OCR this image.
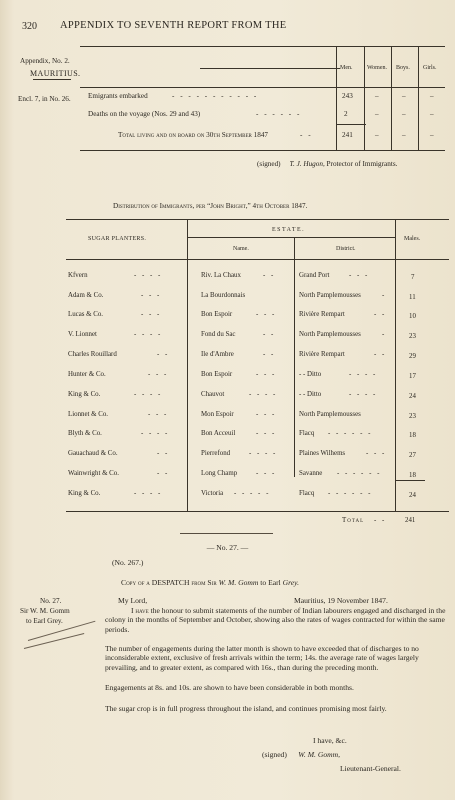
320 APPENDIX TO SEVENTH REPORT FROM THE
Appendix, No. 2.
MAURITIUS.
Encl. 7, in No. 26.
Men. Women. Boys. Girls.
Emigrants embarked	- - - - - - - - - - -	243	–	–	–
Deaths on the voyage (Nos. 29 and 43)	- - - - - -	2	–	–	–
Total living and on board on 30th September 1847	- -	241	–	–	–
(signed) T. J. Hugon, Protector of Immigrants.
Distribution of Immigrants, per “John Bright,” 4th October 1847.
SUGAR PLANTERS.
ESTATE.
Name.	District.
Males.
Kfvern	- - - -	Riv. La Chaux	- -	Grand Port	- - -	7
Adam & Co.	- - -	La Bourdonnais	North Pamplemousses	-	11
Lucas & Co.	- - -	Bon Espoir	- - -	Rivière Rempart	- -	10
V. Lionnet	- - - -	Fond du Sac	- -	North Pamplemousses	-	23
Charles Rouillard	- -	Ile d'Ambre	- -	Rivière Rempart	- -	29
Hunter & Co.	- - -	Bon Espoir	- - -	- - Ditto	- - - -	17
King & Co.	- - - -	Chauvot	- - - -	- - Ditto	- - - -	24
Lionnet & Co.	- - -	Mon Espoir	- - -	North Pamplemousses	23
Blyth & Co.	- - - -	Bon Acceuil	- - -	Flacq - - - - - -	18
Gauachaud & Co.	- -	Pierrefond	- - - -	Plaines Wilhems	- - -	27
Wainwright & Co.	- -	Long Champ	- - -	Savanne - - - - - -	18
King & Co.	- - - -	Victoria - - - - -	Flacq - - - - - -	24
Total - -	241
— No. 27. —
(No. 267.)
Copy of a DESPATCH from Sir W. M. Gomm to Earl Grey.
No. 27.
Sir W. M. Gomm
to Earl Grey.
My Lord,	Mauritius, 19 November 1847.

I have the honour to submit statements of the number of Indian labourers engaged and discharged in the colony in the months of September and October, showing also the rates of wages contracted for within the same periods.

The number of engagements during the latter month is shown to have exceeded that of discharges to no inconsiderable extent, exclusive of fresh arrivals within the term; 14s. the average rate of wages largely prevailing, and to greater extent, as compared with 16s., than during the preceding month.

Engagements at 8s. and 10s. are shown to have been considerable in both months.

The sugar crop is in full progress throughout the island, and continues promising most fairly.

I have, &c.
(signed) W. M. Gomm,
Lieutenant-General.
